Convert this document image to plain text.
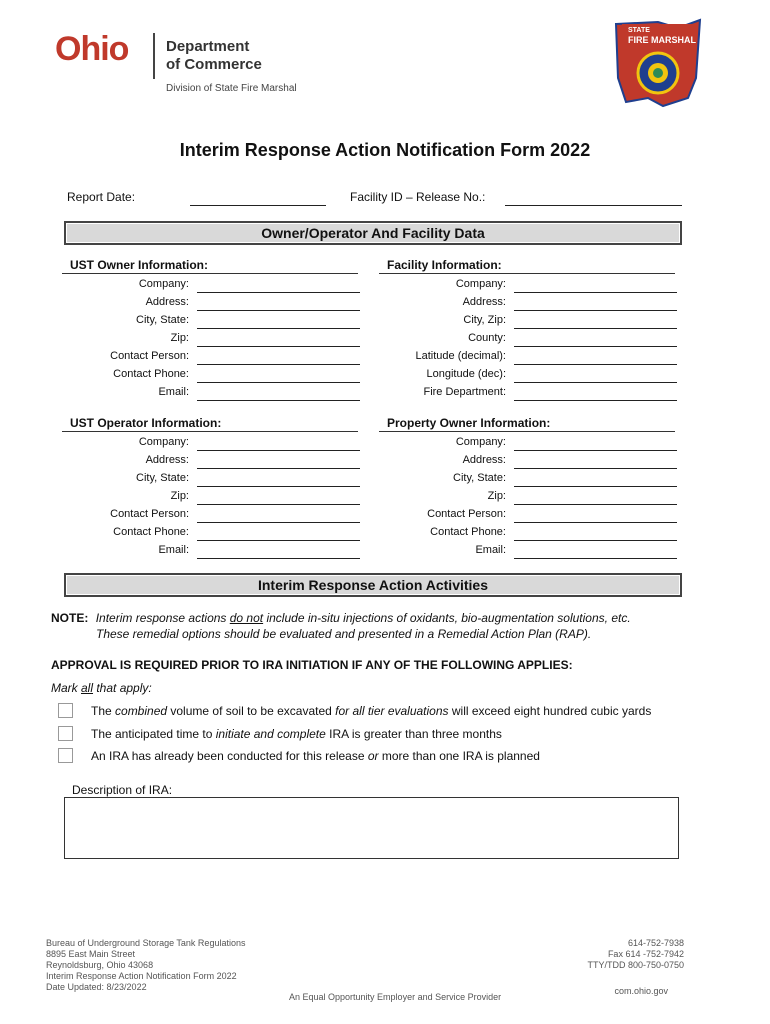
Ohio	Department
of Commerce
Division of State Fire Marshal
STATE
FIRE MARSHAL
Interim Response Action Notification Form 2022
Report Date:	Facility ID – Release No.:
Owner/Operator And Facility Data
UST Owner Information:
Company:
Address:
City, State:
Zip:
Contact Person:
Contact Phone:
Email:
Facility Information:
Company:
Address:
City, Zip:
County:
Latitude (decimal):
Longitude (dec):
Fire Department:
UST Operator Information:
Company:
Address:
City, State:
Zip:
Contact Person:
Contact Phone:
Email:
Property Owner Information:
Company:
Address:
City, State:
Zip:
Contact Person:
Contact Phone:
Email:
Interim Response Action Activities
NOTE: Interim response actions do not include in-situ injections of oxidants, bio-augmentation solutions, etc.
These remedial options should be evaluated and presented in a Remedial Action Plan (RAP).
APPROVAL IS REQUIRED PRIOR TO IRA INITIATION IF ANY OF THE FOLLOWING APPLIES:
Mark all that apply:
The combined volume of soil to be excavated for all tier evaluations will exceed eight hundred cubic yards
The anticipated time to initiate and complete IRA is greater than three months
An IRA has already been conducted for this release or more than one IRA is planned
Description of IRA:
Bureau of Underground Storage Tank Regulations
8895 East Main Street
Reynoldsburg, Ohio 43068
Interim Response Action Notification Form 2022
Date Updated: 8/23/2022
An Equal Opportunity Employer and Service Provider
614-752-7938
Fax 614 -752-7942
TTY/TDD 800-750-0750
com.ohio.gov
